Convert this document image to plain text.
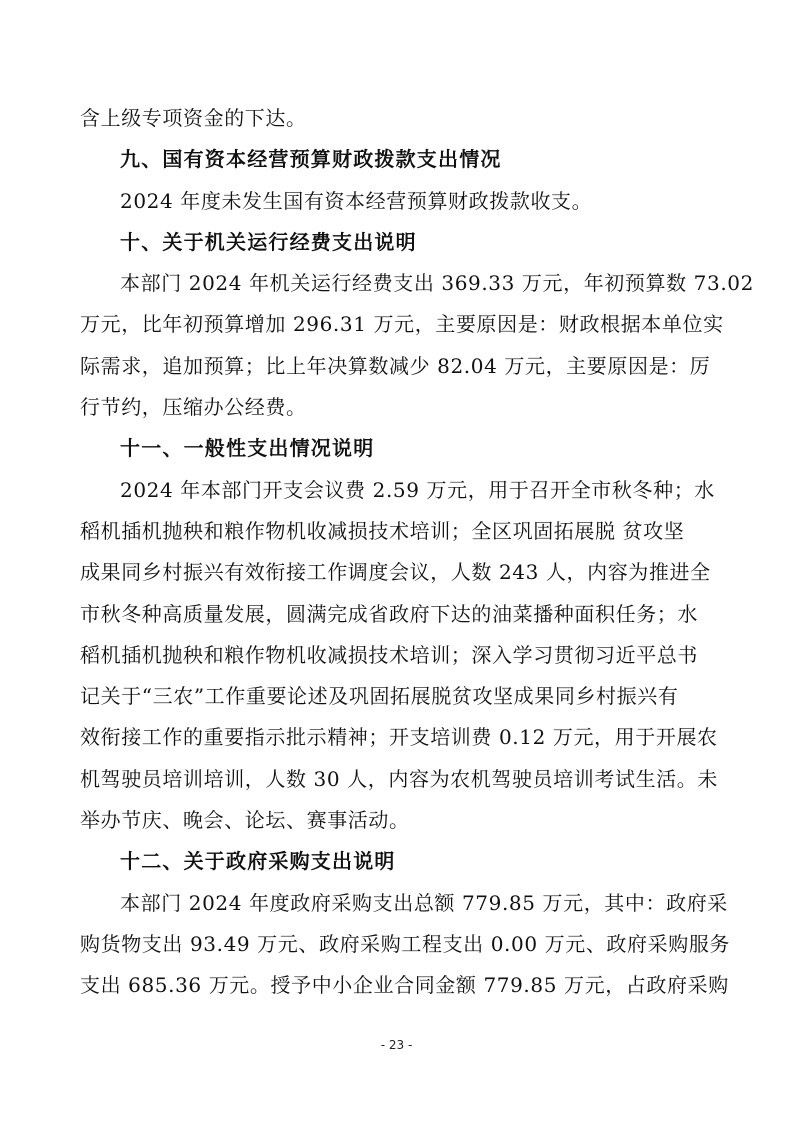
含上级专项资金的下达。
九、国有资本经营预算财政拨款支出情况
2024 年度未发生国有资本经营预算财政拨款收支。
十、关于机关运行经费支出说明
本部门 2024 年机关运行经费支出 369.33 万元，年初预算数 73.02
万元，比年初预算增加 296.31 万元，主要原因是：财政根据本单位实
际需求，追加预算；比上年决算数减少 82.04 万元，主要原因是：厉
行节约，压缩办公经费。
十一、一般性支出情况说明
2024 年本部门开支会议费 2.59 万元，用于召开全市秋冬种；水
稻机插机抛秧和粮作物机收减损技术培训；全区巩固拓展脱 贫攻坚
成果同乡村振兴有效衔接工作调度会议，人数 243 人，内容为推进全
市秋冬种高质量发展，圆满完成省政府下达的油菜播种面积任务；水
稻机插机抛秧和粮作物机收减损技术培训；深入学习贯彻习近平总书
记关于“三农”工作重要论述及巩固拓展脱贫攻坚成果同乡村振兴有
效衔接工作的重要指示批示精神；开支培训费 0.12 万元，用于开展农
机驾驶员培训培训，人数 30 人，内容为农机驾驶员培训考试生活。未
举办节庆、晚会、论坛、赛事活动。
十二、关于政府采购支出说明
本部门 2024 年度政府采购支出总额 779.85 万元，其中：政府采
购货物支出 93.49 万元、政府采购工程支出 0.00 万元、政府采购服务
支出 685.36 万元。授予中小企业合同金额 779.85 万元，占政府采购
- 23 -
